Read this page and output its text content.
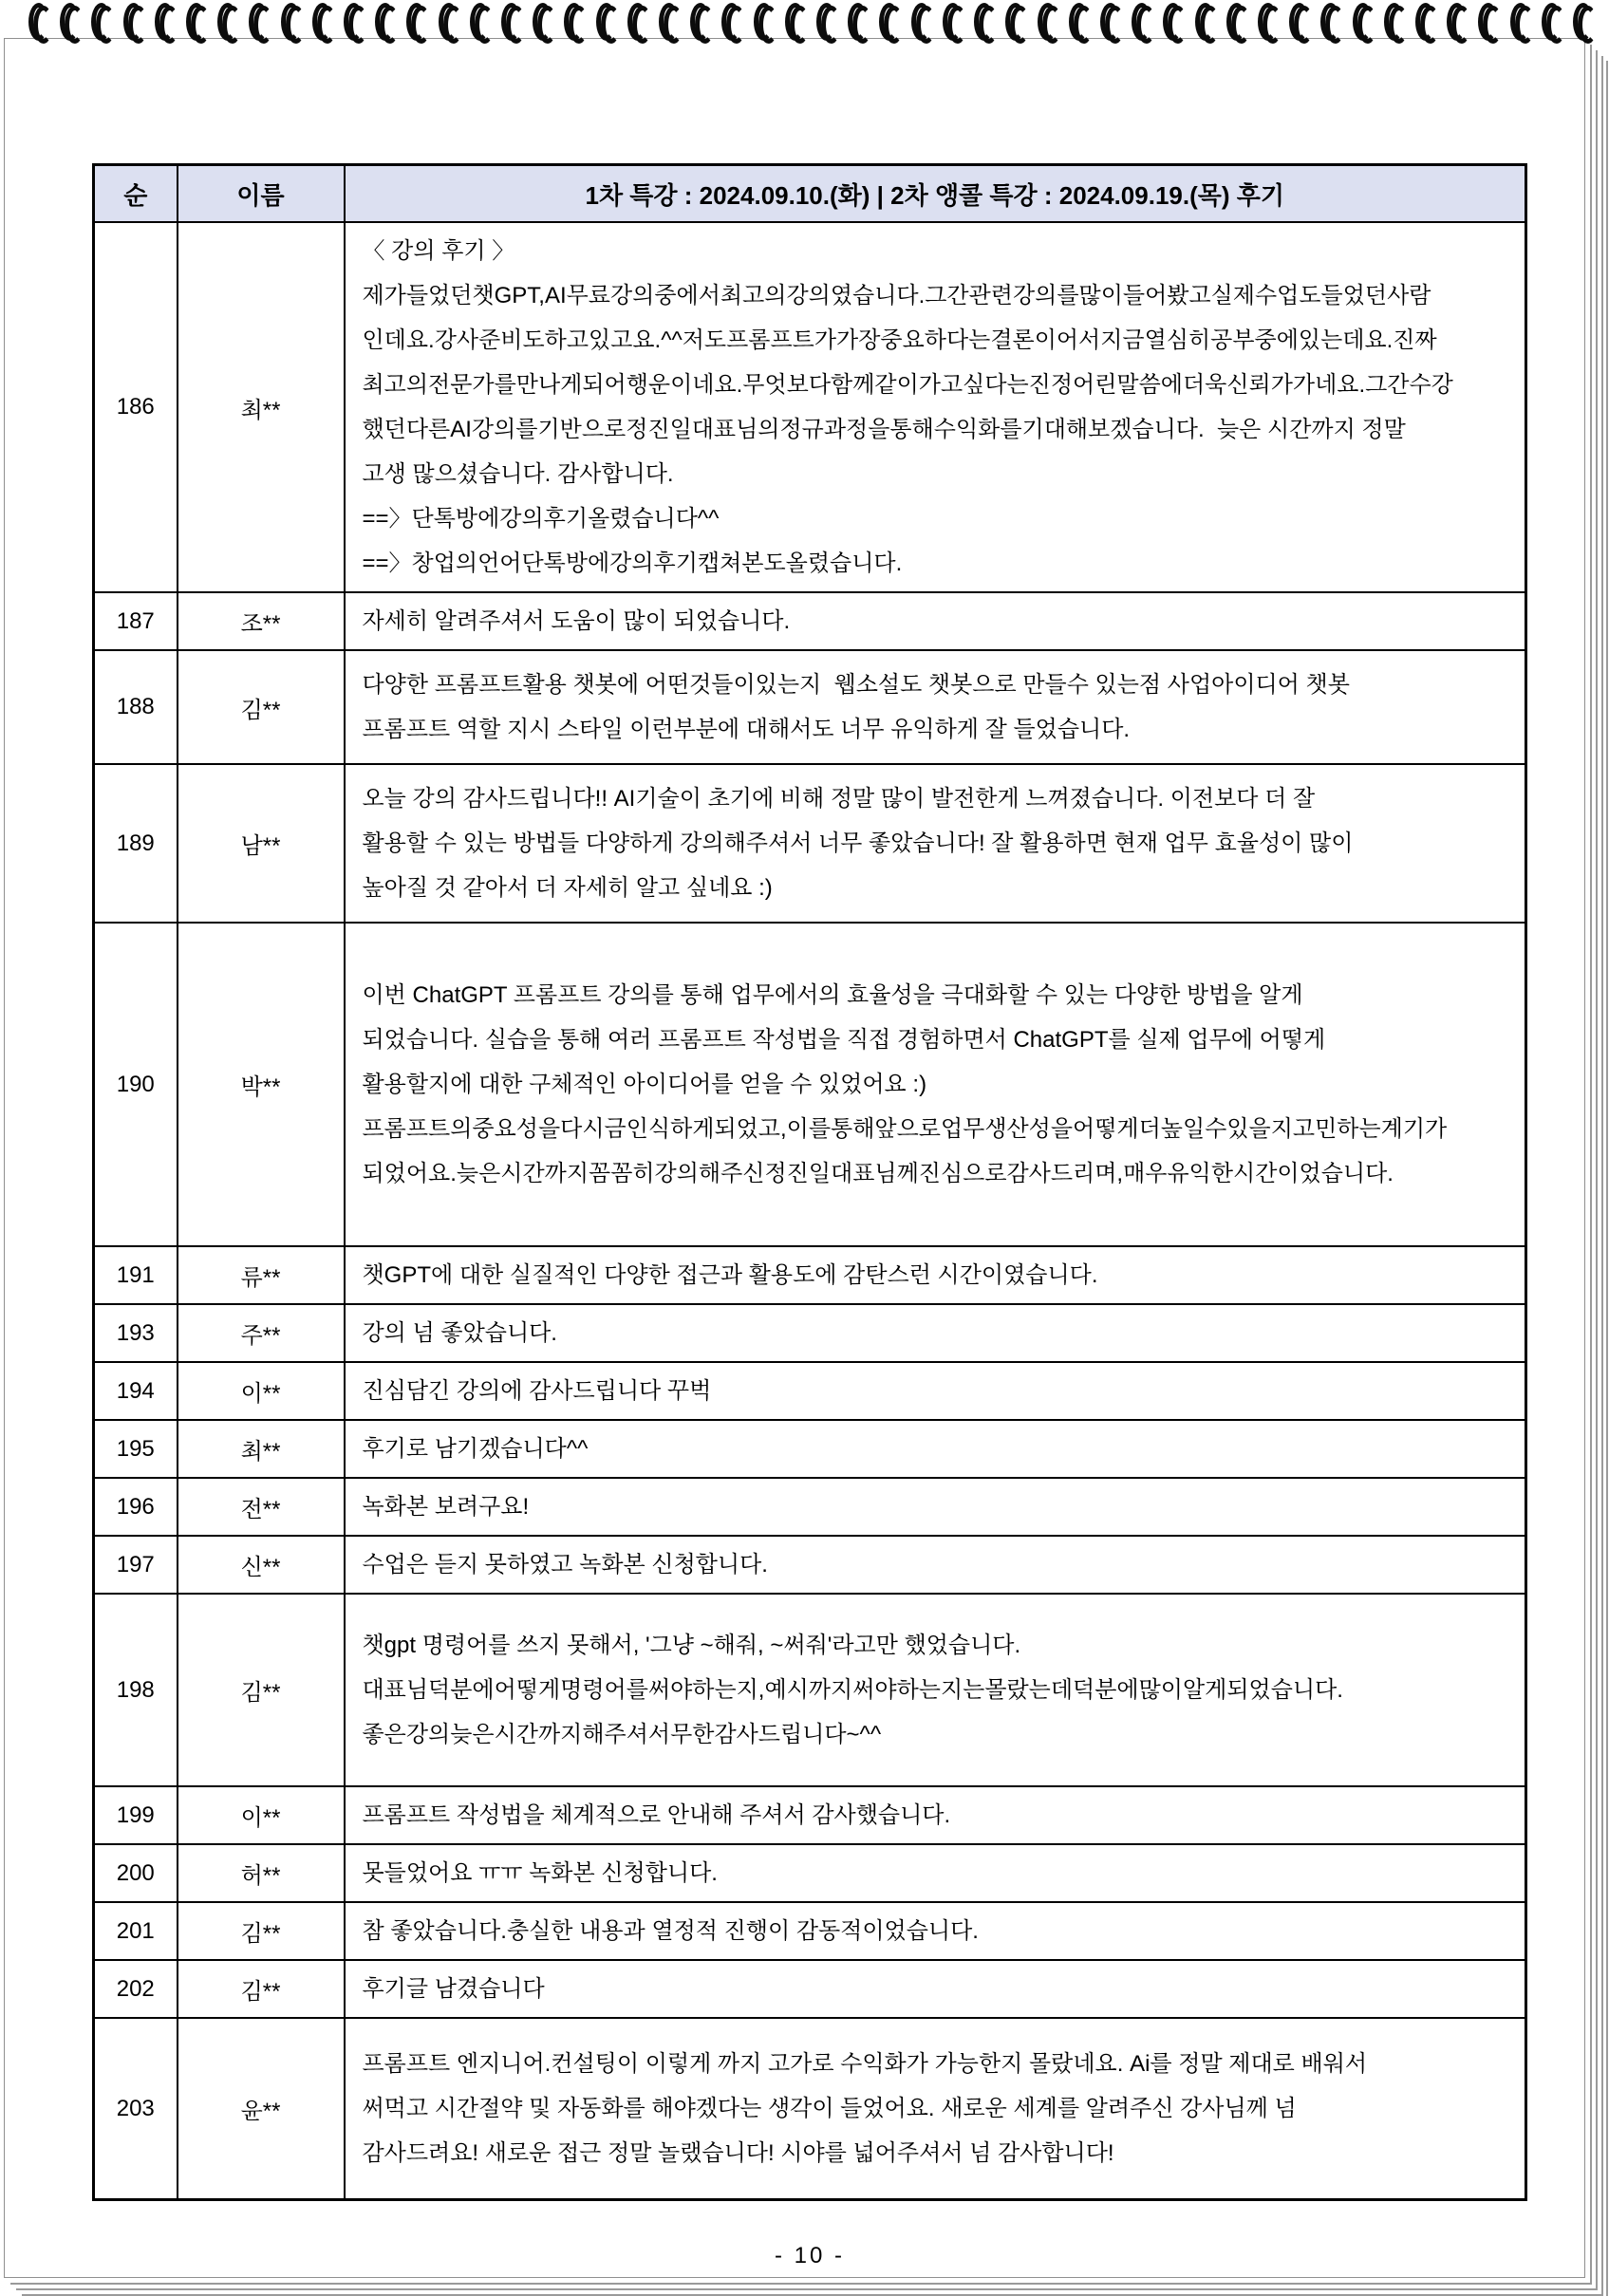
순	이름	1차 특강 : 2024.09.10.(화) | 2차 앵콜 특강 : 2024.09.19.(목) 후기
186	최**	
〈 강의 후기 〉
제가들었던챗GPT,AI무료강의중에서최고의강의였습니다.그간관련강의를많이들어봤고실제수업도들었던사람
인데요.강사준비도하고있고요.^^저도프롬프트가가장중요하다는결론이어서지금열심히공부중에있는데요.진짜
최고의전문가를만나게되어행운이네요.무엇보다함께같이가고싶다는진정어린말씀에더욱신뢰가가네요.그간수강
했던다른AI강의를기반으로정진일대표님의정규과정을통해수익화를기대해보겠습니다.  늦은 시간까지 정말
고생 많으셨습니다. 감사합니다.
==〉단톡방에강의후기올렸습니다^^
==〉창업의언어단톡방에강의후기캡쳐본도올렸습니다.

187	조**	자세히 알려주셔서 도움이 많이 되었습니다.

188	김**	다양한 프롬프트활용 챗봇에 어떤것들이있는지  웹소설도 챗봇으로 만들수 있는점 사업아이디어 챗봇
프롬프트 역할 지시 스타일 이런부분에 대해서도 너무 유익하게 잘 들었습니다.

189	남**	오늘 강의 감사드립니다!! AI기술이 초기에 비해 정말 많이 발전한게 느껴졌습니다. 이전보다 더 잘
활용할 수 있는 방법들 다양하게 강의해주셔서 너무 좋았습니다! 잘 활용하면 현재 업무 효율성이 많이
높아질 것 같아서 더 자세히 알고 싶네요 :)

190	박**	이번 ChatGPT 프롬프트 강의를 통해 업무에서의 효율성을 극대화할 수 있는 다양한 방법을 알게
되었습니다. 실습을 통해 여러 프롬프트 작성법을 직접 경험하면서 ChatGPT를 실제 업무에 어떻게
활용할지에 대한 구체적인 아이디어를 얻을 수 있었어요 :)
프롬프트의중요성을다시금인식하게되었고,이를통해앞으로업무생산성을어떻게더높일수있을지고민하는계기가
되었어요.늦은시간까지꼼꼼히강의해주신정진일대표님께진심으로감사드리며,매우유익한시간이었습니다.

191	류**	챗GPT에 대한 실질적인 다양한 접근과 활용도에 감탄스런 시간이였습니다.

193	주**	강의 넘 좋았습니다.

194	이**	진심담긴 강의에 감사드립니다 꾸벅

195	최**	후기로 남기겠습니다^^

196	전**	녹화본 보려구요!

197	신**	수업은 듣지 못하였고 녹화본 신청합니다.

198	김**	챗gpt 명령어를 쓰지 못해서, '그냥 ~해줘, ~써줘'라고만 했었습니다.
대표님덕분에어떻게명령어를써야하는지,예시까지써야하는지는몰랐는데덕분에많이알게되었습니다.
좋은강의늦은시간까지해주셔서무한감사드립니다~^^

199	이**	프롬프트 작성법을 체계적으로 안내해 주셔서 감사했습니다.

200	허**	못들었어요 ㅠㅠ 녹화본 신청합니다.

201	김**	참 좋았습니다.충실한 내용과 열정적 진행이 감동적이었습니다.

202	김**	후기글 남겼습니다

203	윤**	프롬프트 엔지니어.컨설팅이 이렇게 까지 고가로 수익화가 가능한지 몰랐네요. Ai를 정말 제대로 배워서
써먹고 시간절약 및 자동화를 해야겠다는 생각이 들었어요. 새로운 세계를 알려주신 강사님께 넘
감사드려요! 새로운 접근 정말 놀랬습니다! 시야를 넓어주셔서 넘 감사합니다!
- 10 -
